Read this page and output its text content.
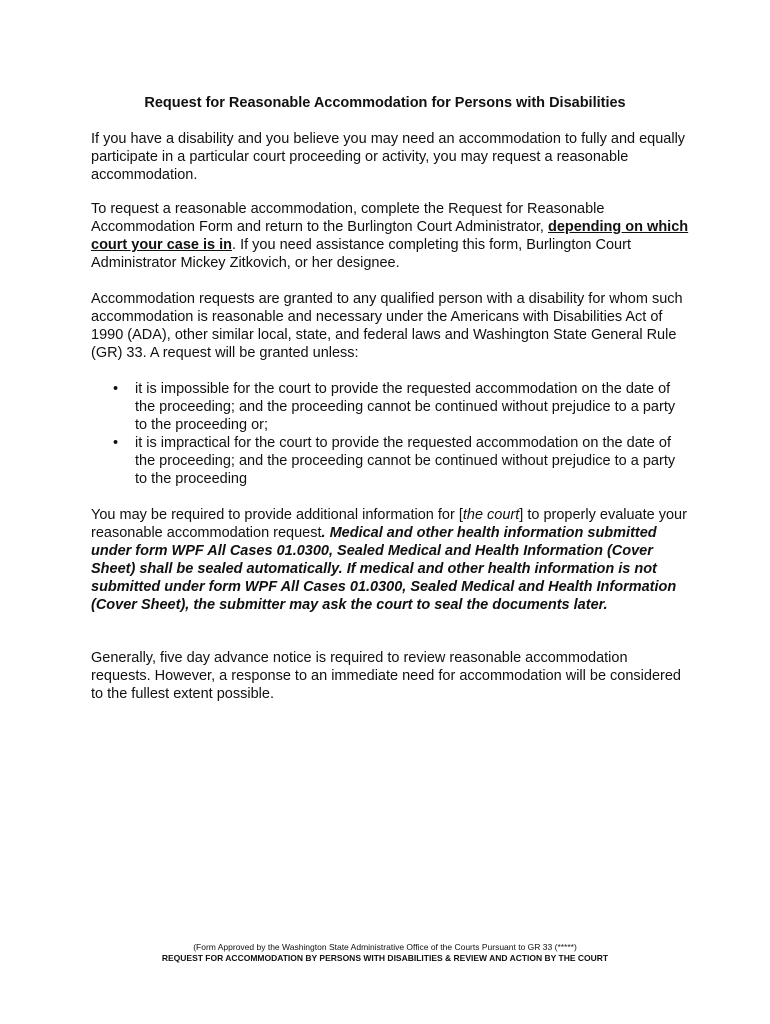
Request for Reasonable Accommodation for Persons with Disabilities

If you have a disability and you believe you may need an accommodation to fully and equally participate in a particular court proceeding or activity, you may request a reasonable accommodation.

To request a reasonable accommodation, complete the Request for Reasonable Accommodation Form and return to the Burlington Court Administrator, depending on which court your case is in. If you need assistance completing this form, Burlington Court Administrator Mickey Zitkovich, or her designee.

Accommodation requests are granted to any qualified person with a disability for whom such accommodation is reasonable and necessary under the Americans with Disabilities Act of 1990 (ADA), other similar local, state, and federal laws and Washington State General Rule (GR) 33. A request will be granted unless:

• it is impossible for the court to provide the requested accommodation on the date of the proceeding; and the proceeding cannot be continued without prejudice to a party to the proceeding or;
• it is impractical for the court to provide the requested accommodation on the date of the proceeding; and the proceeding cannot be continued without prejudice to a party to the proceeding

You may be required to provide additional information for [the court] to properly evaluate your reasonable accommodation request. Medical and other health information submitted under form WPF All Cases 01.0300, Sealed Medical and Health Information (Cover Sheet) shall be sealed automatically. If medical and other health information is not submitted under form WPF All Cases 01.0300, Sealed Medical and Health Information (Cover Sheet), the submitter may ask the court to seal the documents later.

Generally, five day advance notice is required to review reasonable accommodation requests. However, a response to an immediate need for accommodation will be considered to the fullest extent possible.

(Form Approved by the Washington State Administrative Office of the Courts Pursuant to GR 33 (*****)
REQUEST FOR ACCOMMODATION BY PERSONS WITH DISABILITIES & REVIEW AND ACTION BY THE COURT
